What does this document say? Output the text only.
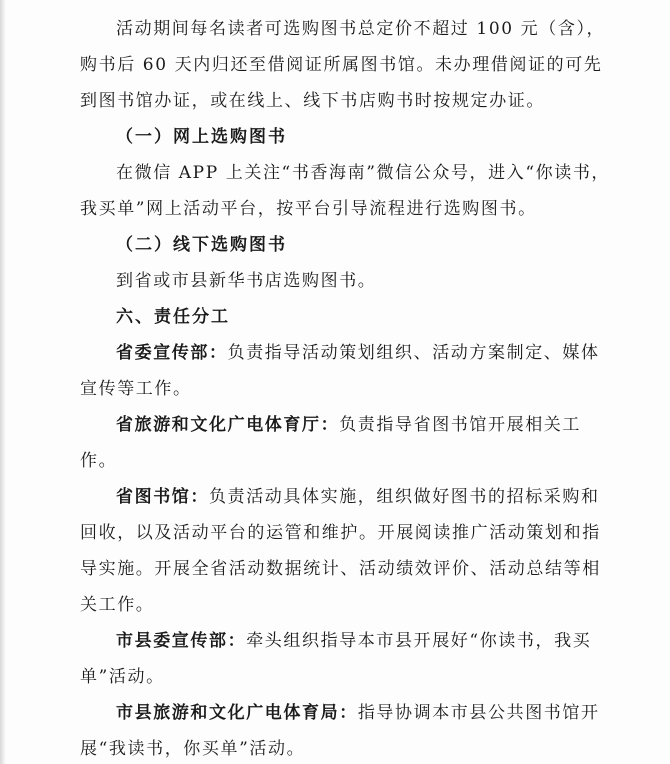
活动期间每名读者可选购图书总定价不超过 100 元（含），
购书后 60 天内归还至借阅证所属图书馆。未办理借阅证的可先
到图书馆办证，或在线上、线下书店购书时按规定办证。
（一）网上选购图书
在微信 APP 上关注“书香海南”微信公众号，进入“你读书，
我买单”网上活动平台，按平台引导流程进行选购图书。
（二）线下选购图书
到省或市县新华书店选购图书。
六、责任分工
省委宣传部：负责指导活动策划组织、活动方案制定、媒体
宣传等工作。
省旅游和文化广电体育厅：负责指导省图书馆开展相关工
作。
省图书馆：负责活动具体实施，组织做好图书的招标采购和
回收，以及活动平台的运管和维护。开展阅读推广活动策划和指
导实施。开展全省活动数据统计、活动绩效评价、活动总结等相
关工作。
市县委宣传部：牵头组织指导本市县开展好“你读书，我买
单”活动。
市县旅游和文化广电体育局：指导协调本市县公共图书馆开
展“我读书，你买单”活动。
